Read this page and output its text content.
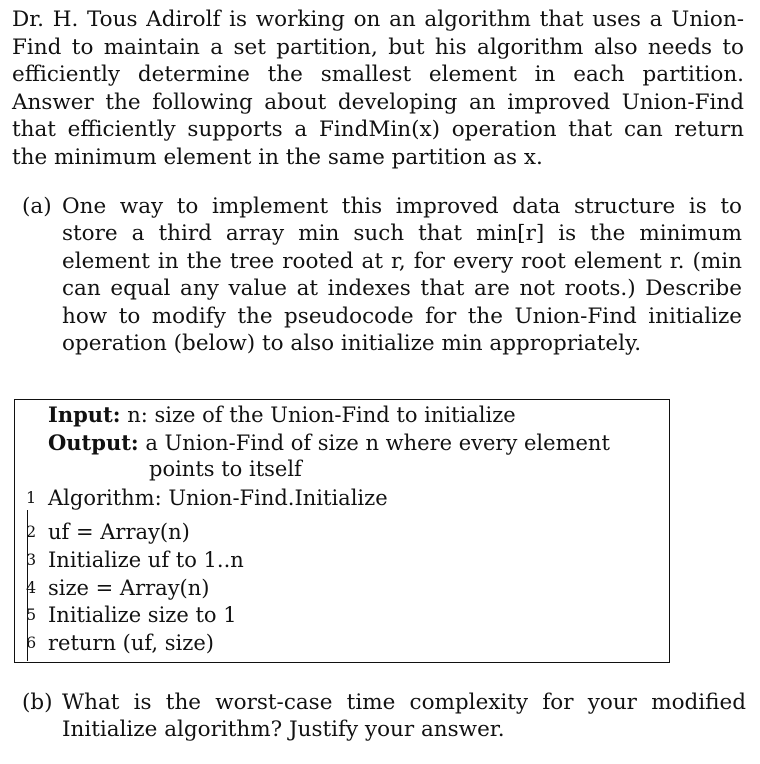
Dr. H. Tous Adirolf is working on an algorithm that uses a Union-Find to maintain a set partition, but his algorithm also needs to efficiently determine the smallest element in each partition. Answer the following about developing an improved Union-Find that efficiently supports a FindMin(x) operation that can return the minimum element in the same partition as x.
(a) One way to implement this improved data structure is to store a third array min such that min[r] is the minimum element in the tree rooted at r, for every root element r. (min can equal any value at indexes that are not roots.) Describe how to modify the pseudocode for the Union-Find initialize operation (below) to also initialize min appropriately.
Input: n: size of the Union-Find to initialize
Output: a Union-Find of size n where every element
points to itself
1 Algorithm: Union-Find.Initialize
2 uf = Array(n)
3 Initialize uf to 1..n
4 size = Array(n)
5 Initialize size to 1
6 return (uf, size)
(b) What is the worst-case time complexity for your modified Initialize algorithm? Justify your answer.
